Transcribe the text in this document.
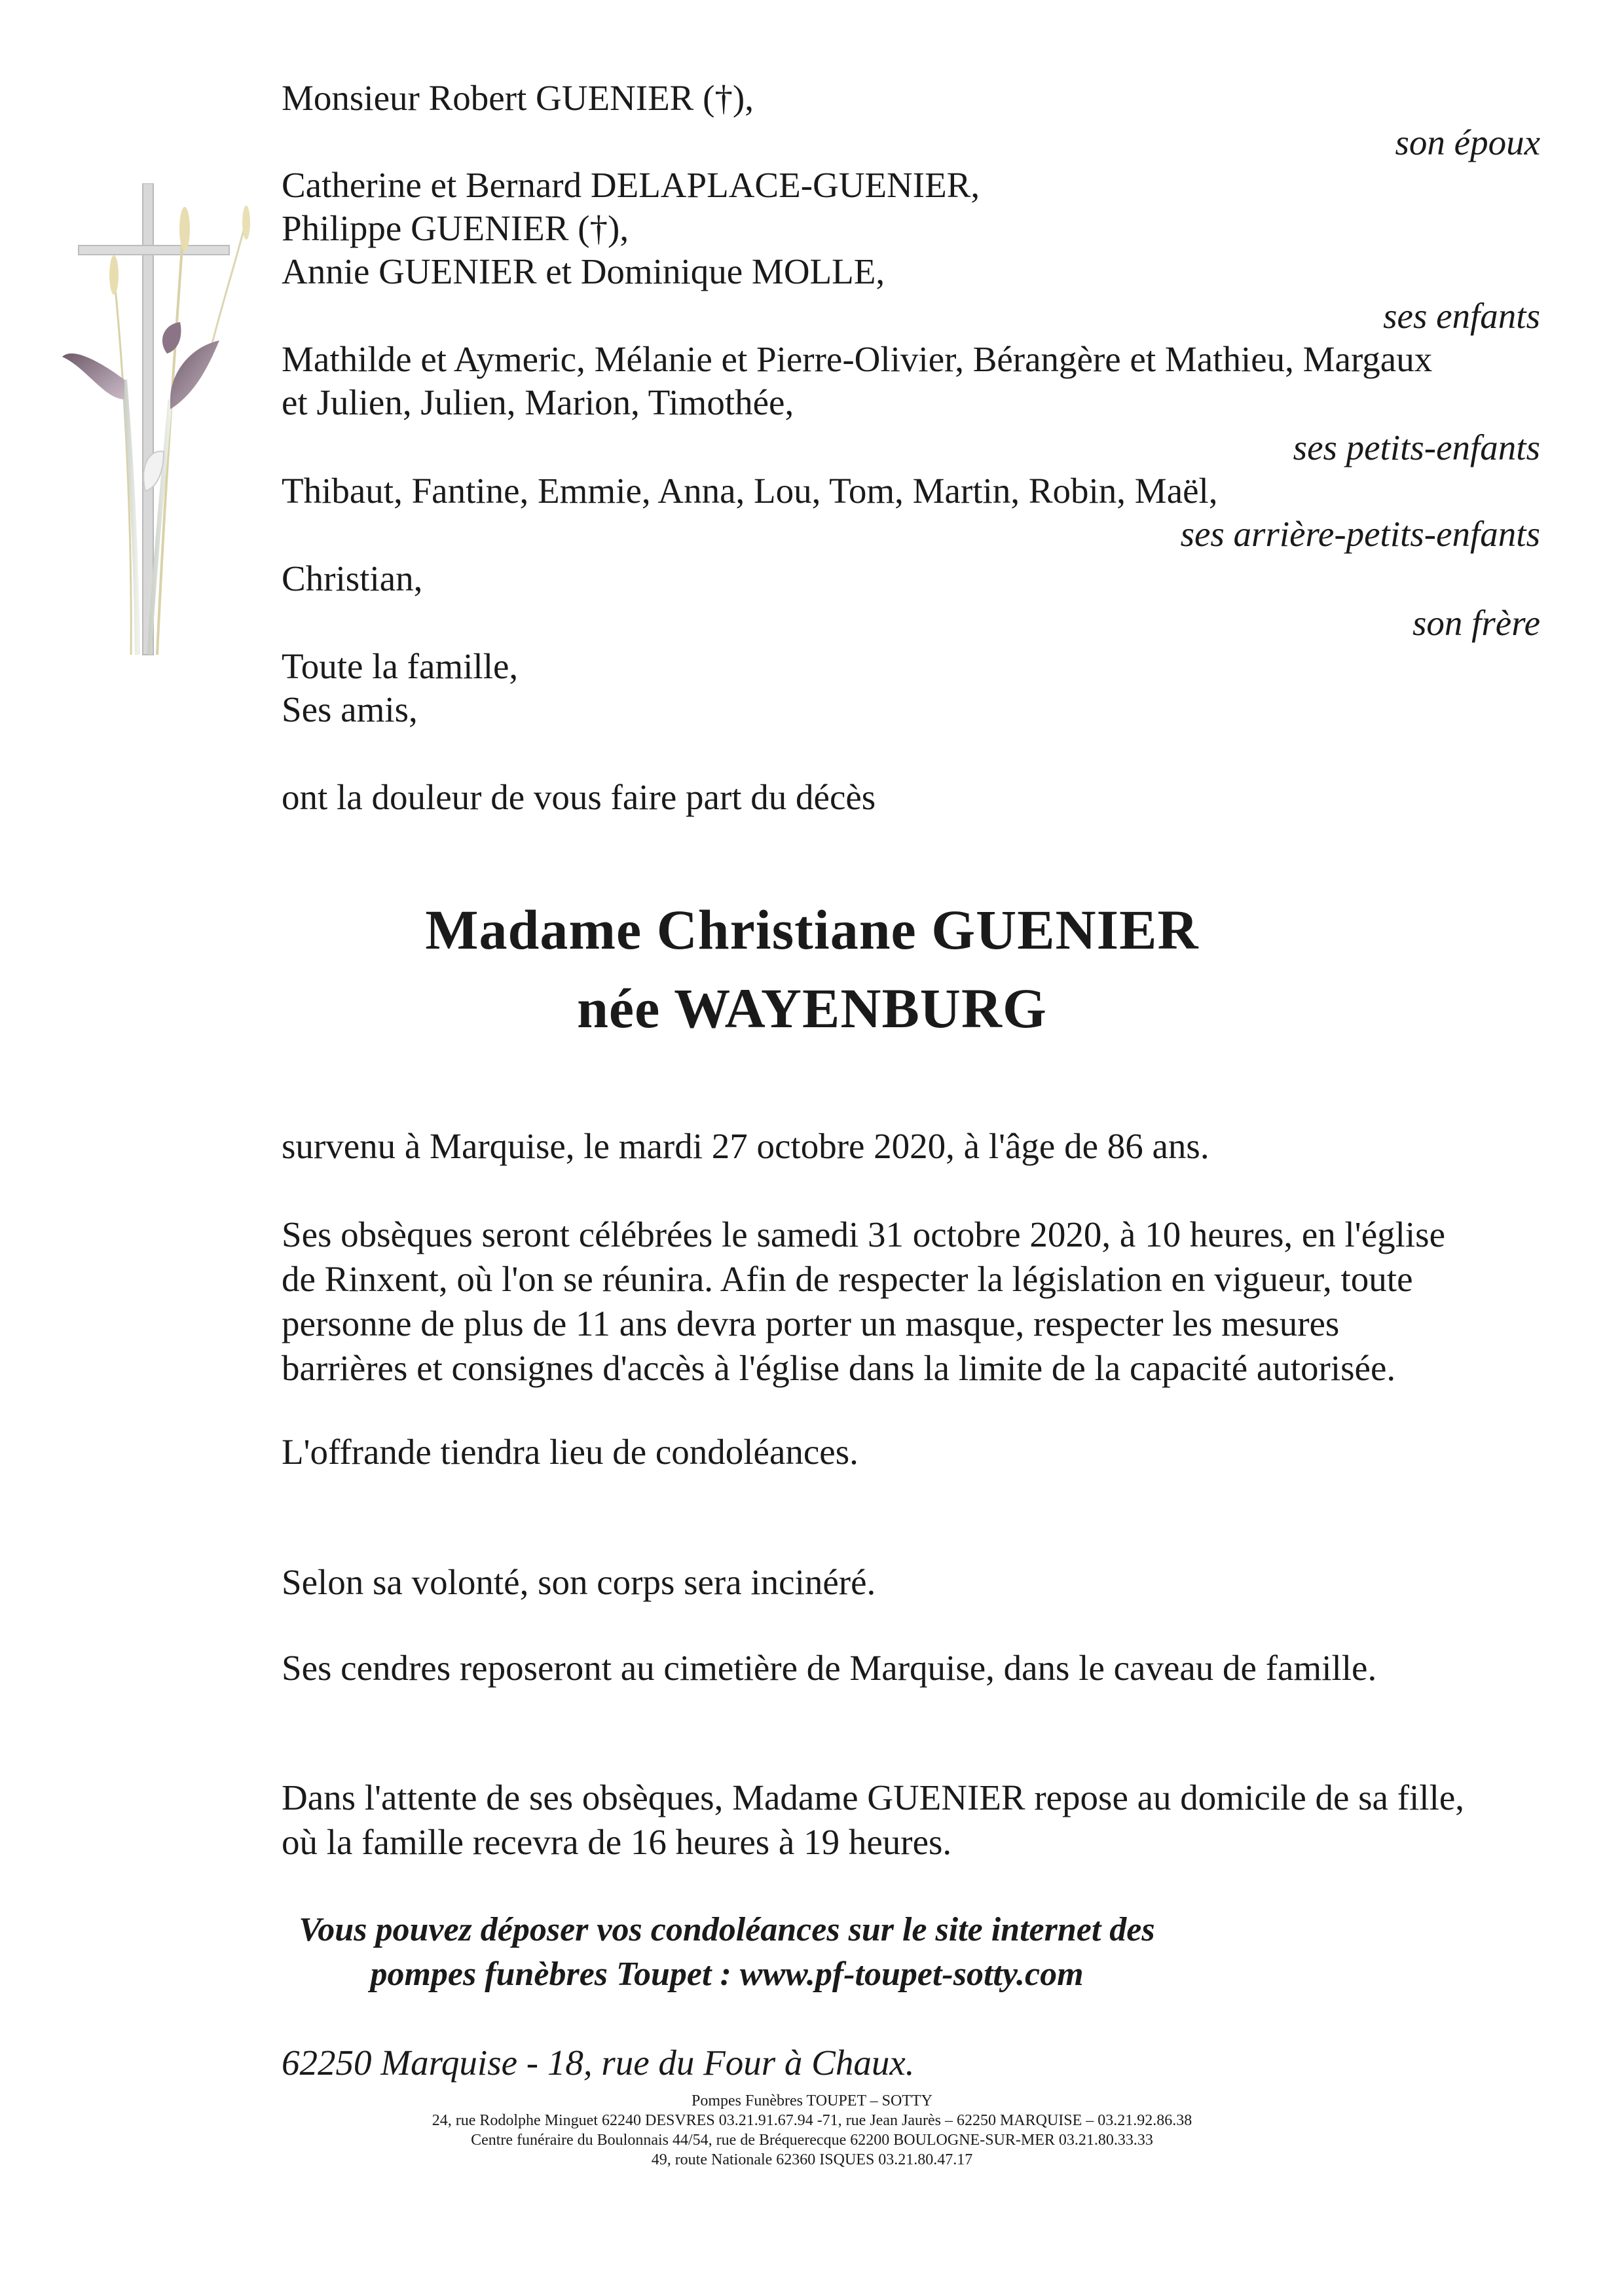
Monsieur Robert GUENIER (†),
son époux
Catherine et Bernard DELAPLACE-GUENIER,
Philippe GUENIER (†),
Annie GUENIER et Dominique MOLLE,
ses enfants
Mathilde et Aymeric, Mélanie et Pierre-Olivier, Bérangère et Mathieu, Margaux
et Julien, Julien, Marion, Timothée,
ses petits-enfants
Thibaut, Fantine, Emmie, Anna, Lou, Tom, Martin, Robin, Maël,
ses arrière-petits-enfants
Christian,
son frère
Toute la famille,
Ses amis,
ont la douleur de vous faire part du décès
Madame Christiane GUENIER
née WAYENBURG
survenu à Marquise, le mardi 27 octobre 2020, à l'âge de 86 ans.
Ses obsèques seront célébrées le samedi 31 octobre 2020, à 10 heures, en l'église
de Rinxent, où l'on se réunira. Afin de respecter la législation en vigueur, toute
personne de plus de 11 ans devra porter un masque, respecter les mesures
barrières et consignes d'accès à l'église dans la limite de la capacité autorisée.
L'offrande tiendra lieu de condoléances.
Selon sa volonté, son corps sera incinéré.
Ses cendres reposeront au cimetière de Marquise, dans le caveau de famille.
Dans l'attente de ses obsèques, Madame GUENIER repose au domicile de sa fille,
où la famille recevra de 16 heures à 19 heures.
Vous pouvez déposer vos condoléances sur le site internet des
pompes funèbres Toupet : www.pf-toupet-sotty.com
62250 Marquise - 18, rue du Four à Chaux.
Pompes Funèbres TOUPET – SOTTY
24, rue Rodolphe Minguet 62240 DESVRES 03.21.91.67.94 -71, rue Jean Jaurès – 62250 MARQUISE – 03.21.92.86.38
Centre funéraire du Boulonnais 44/54, rue de Bréquerecque 62200 BOULOGNE-SUR-MER 03.21.80.33.33
49, route Nationale 62360 ISQUES 03.21.80.47.17
